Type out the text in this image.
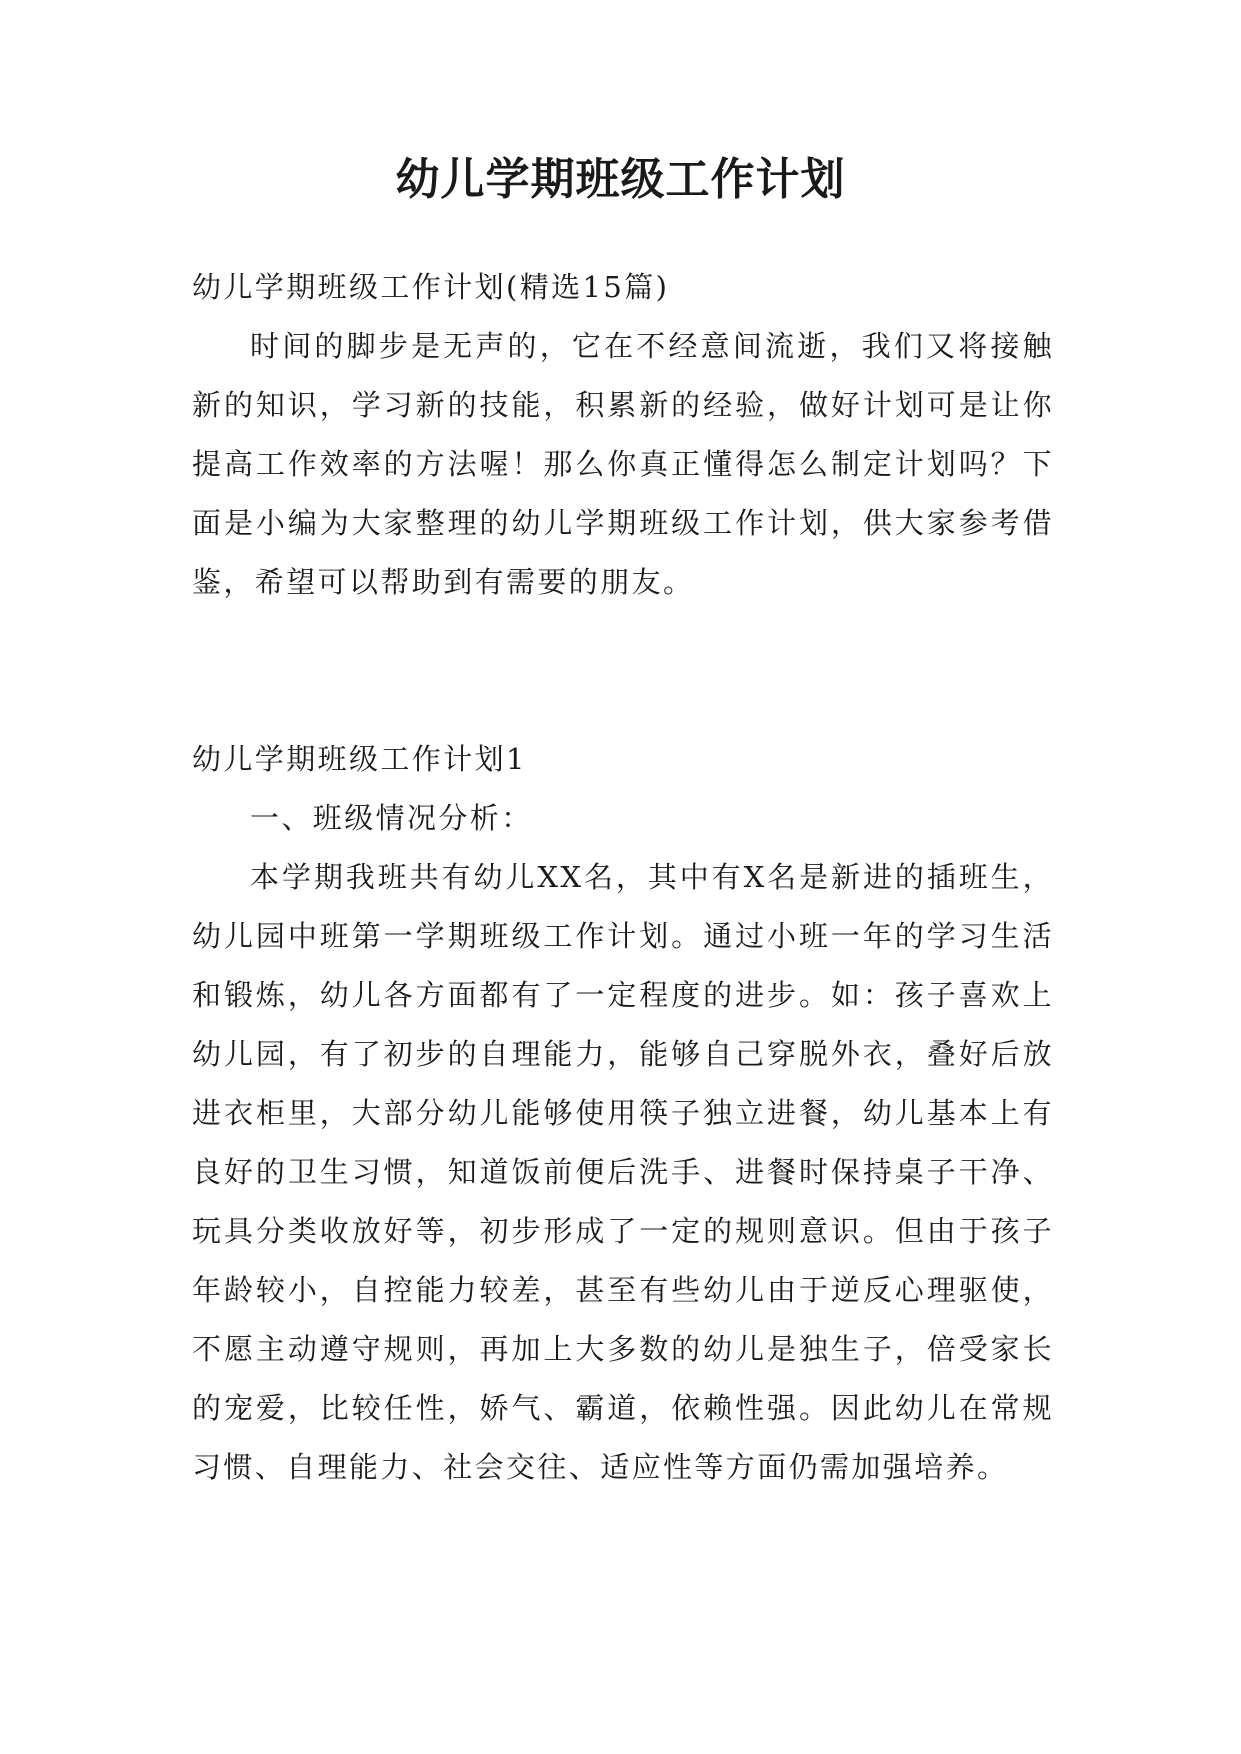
幼儿学期班级工作计划

幼儿学期班级工作计划(精选15篇)

时间的脚步是无声的，它在不经意间流逝，我们又将接触新的知识，学习新的技能，积累新的经验，做好计划可是让你提高工作效率的方法喔！那么你真正懂得怎么制定计划吗？下面是小编为大家整理的幼儿学期班级工作计划，供大家参考借鉴，希望可以帮助到有需要的朋友。

幼儿学期班级工作计划1

一、班级情况分析：

本学期我班共有幼儿XX名，其中有X名是新进的插班生，幼儿园中班第一学期班级工作计划。通过小班一年的学习生活和锻炼，幼儿各方面都有了一定程度的进步。如：孩子喜欢上幼儿园，有了初步的自理能力，能够自己穿脱外衣，叠好后放进衣柜里，大部分幼儿能够使用筷子独立进餐，幼儿基本上有良好的卫生习惯，知道饭前便后洗手、进餐时保持桌子干净、玩具分类收放好等，初步形成了一定的规则意识。但由于孩子年龄较小，自控能力较差，甚至有些幼儿由于逆反心理驱使，不愿主动遵守规则，再加上大多数的幼儿是独生子，倍受家长的宠爱，比较任性，娇气、霸道，依赖性强。因此幼儿在常规习惯、自理能力、社会交往、适应性等方面仍需加强培养。
